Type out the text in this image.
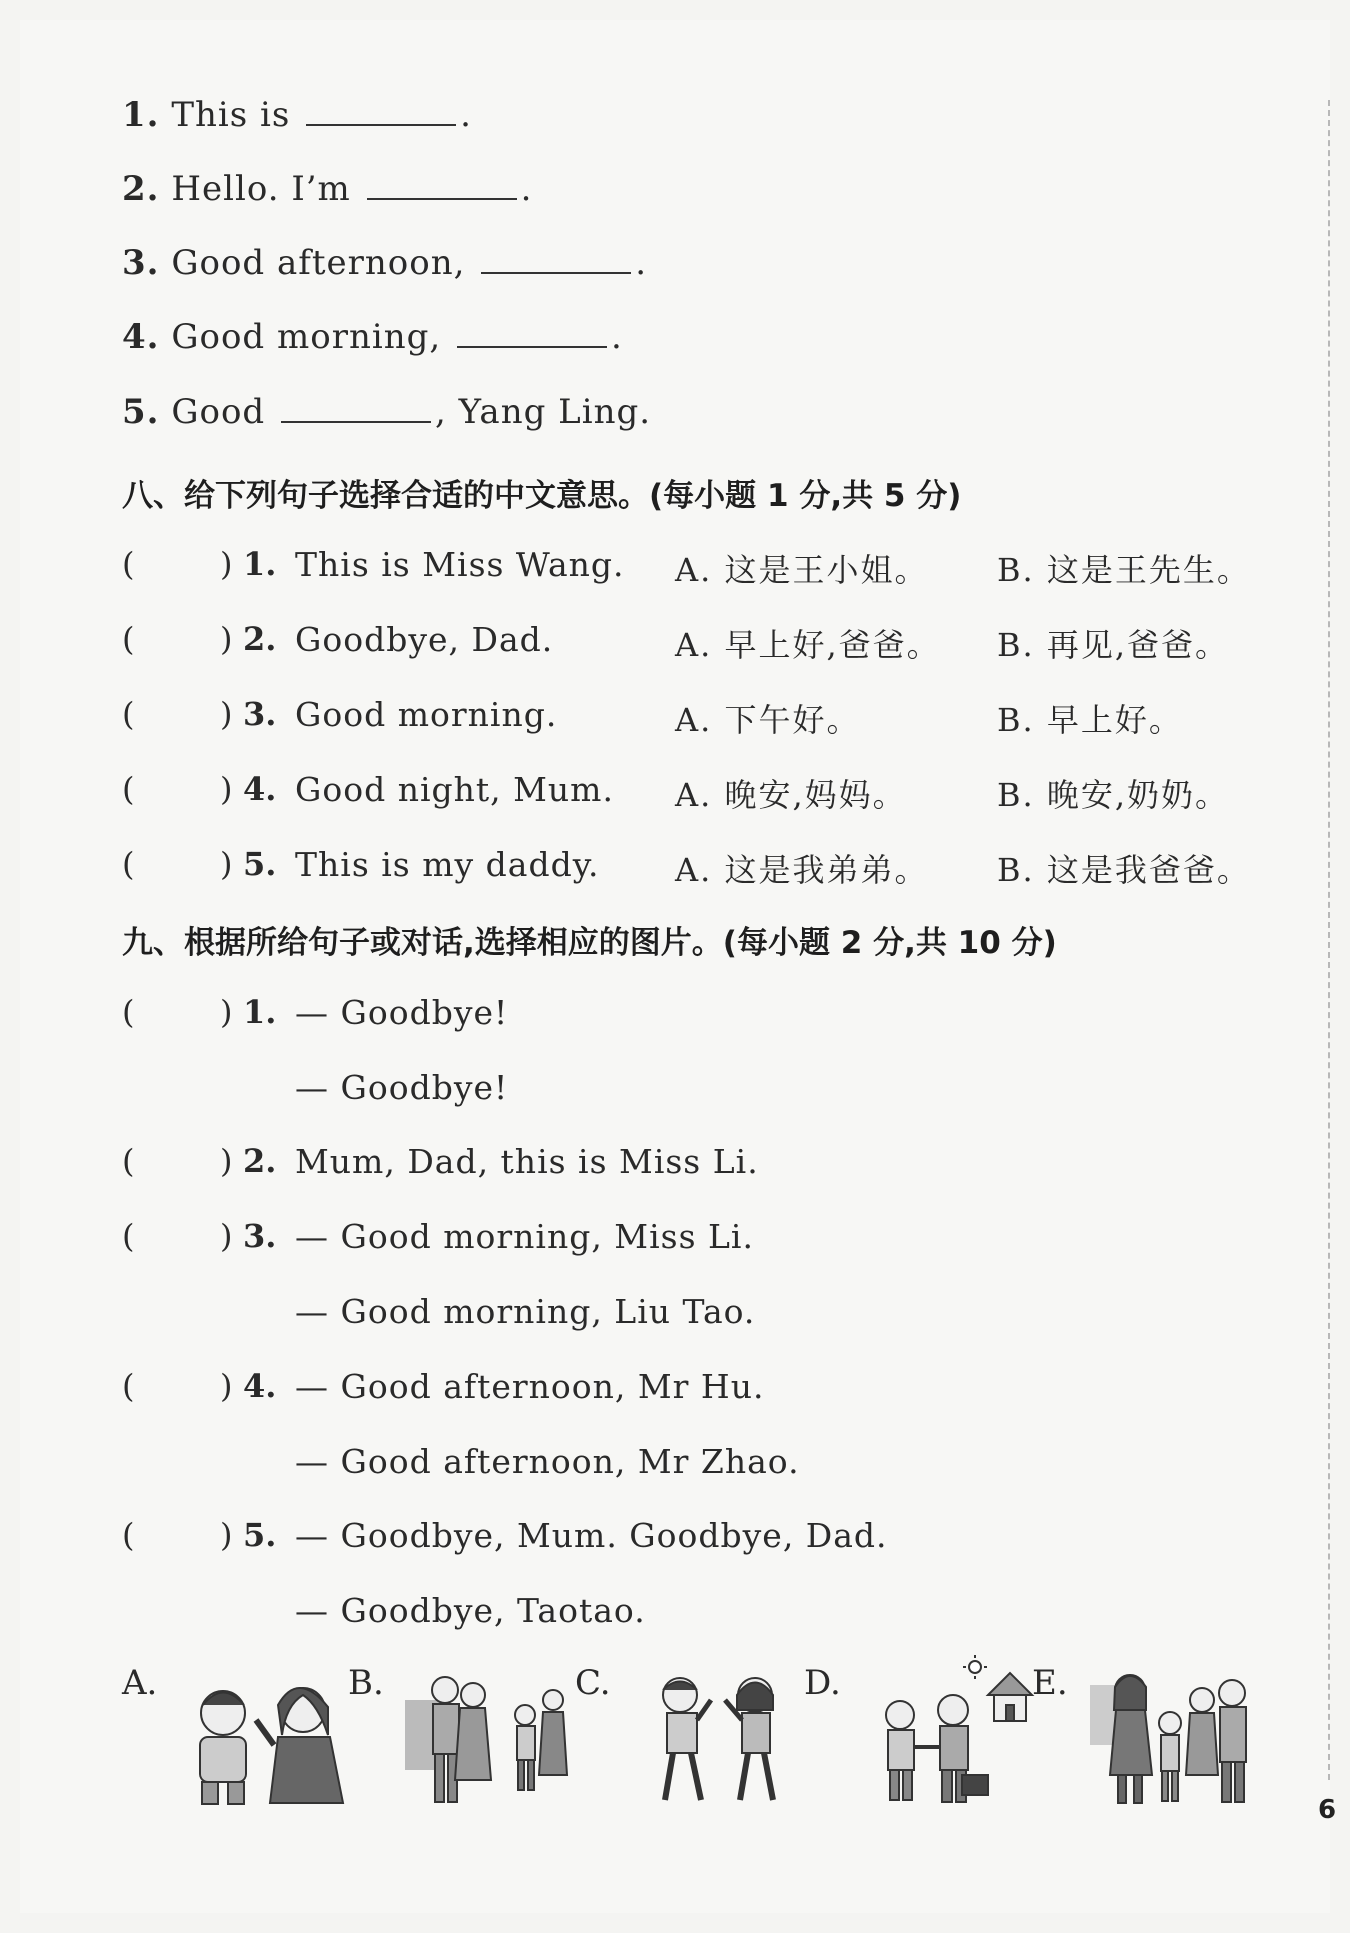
1. This is	.
2. Hello. I’m	.
3. Good afternoon,	.
4. Good morning,	.
5. Good	, Yang Ling.
八、给下列句子选择合适的中文意思。(每小题 1 分,共 5 分)
(	) 1. This is Miss Wang. A. 这是王小姐。 B. 这是王先生。
(	) 2. Goodbye, Dad.	A. 早上好,爸爸。 B. 再见,爸爸。
(	) 3. Good morning.	A. 下午好。	B. 早上好。
(	) 4. Good night, Mum. A. 晚安,妈妈。	B. 晚安,奶奶。
(	) 5. This is my daddy. A. 这是我弟弟。 B. 这是我爸爸。
九、根据所给句子或对话,选择相应的图片。(每小题 2 分,共 10 分)
(	) 1. — Goodbye!
— Goodbye!
(	) 2. Mum, Dad, this is Miss Li.
(	) 3. — Good morning, Miss Li.
— Good morning, Liu Tao.
(	) 4. — Good afternoon, Mr Hu.
— Good afternoon, Mr Zhao.
(	) 5. — Goodbye, Mum. Goodbye, Dad.
— Goodbye, Taotao.
A.	B.	C.	D.	E.
6
